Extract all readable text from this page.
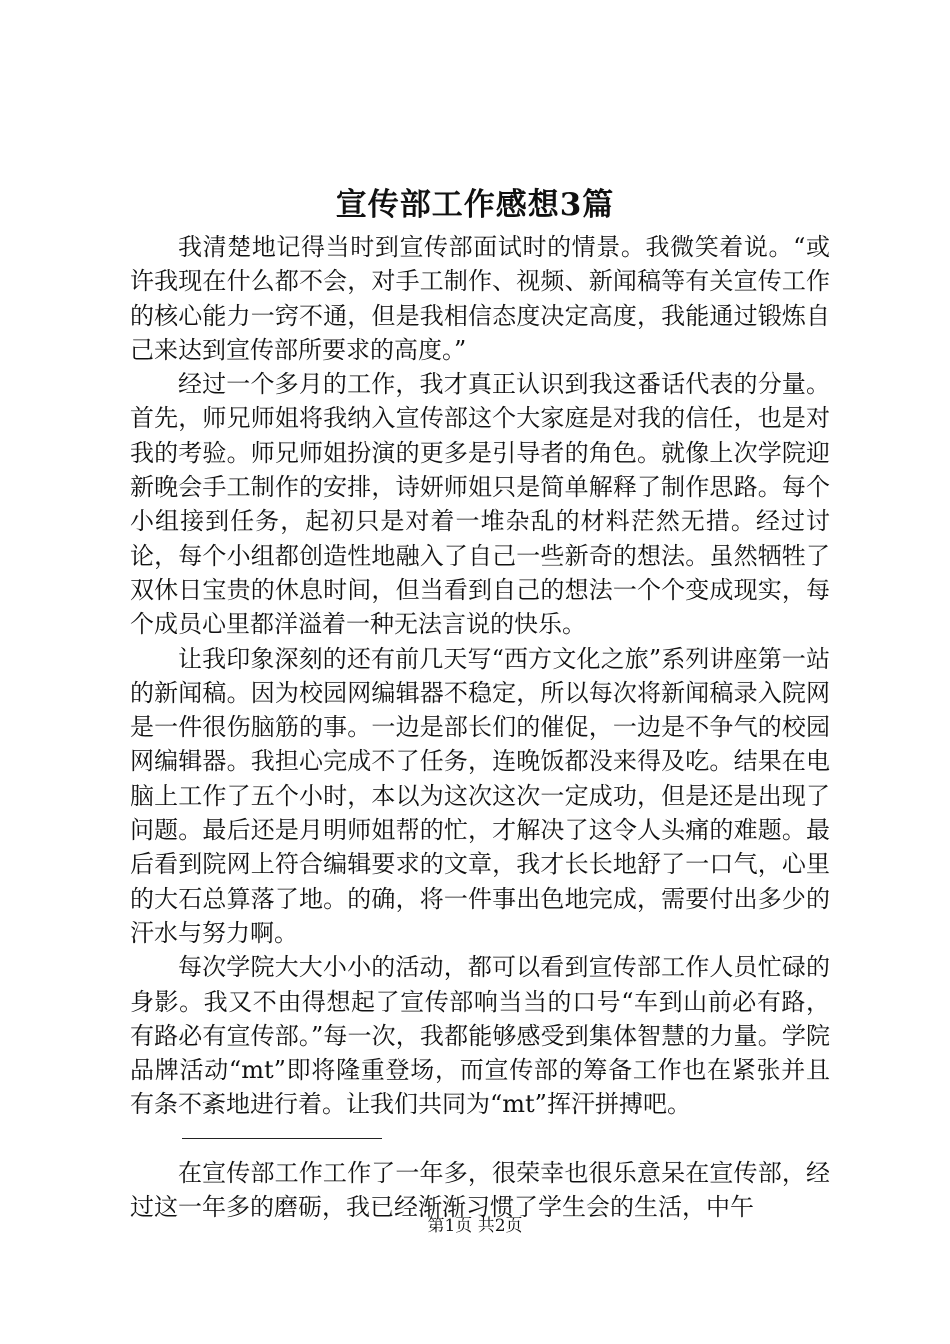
宣传部工作感想3篇

我清楚地记得当时到宣传部面试时的情景。我微笑着说。“或许我现在什么都不会，对手工制作、视频、新闻稿等有关宣传工作的核心能力一窍不通，但是我相信态度决定高度，我能通过锻炼自己来达到宣传部所要求的高度。”

经过一个多月的工作，我才真正认识到我这番话代表的分量。首先，师兄师姐将我纳入宣传部这个大家庭是对我的信任，也是对我的考验。师兄师姐扮演的更多是引导者的角色。就像上次学院迎新晚会手工制作的安排，诗妍师姐只是简单解释了制作思路。每个小组接到任务，起初只是对着一堆杂乱的材料茫然无措。经过讨论，每个小组都创造性地融入了自己一些新奇的想法。虽然牺牲了双休日宝贵的休息时间，但当看到自己的想法一个个变成现实，每个成员心里都洋溢着一种无法言说的快乐。

让我印象深刻的还有前几天写“西方文化之旅”系列讲座第一站的新闻稿。因为校园网编辑器不稳定，所以每次将新闻稿录入院网是一件很伤脑筋的事。一边是部长们的催促，一边是不争气的校园网编辑器。我担心完成不了任务，连晚饭都没来得及吃。结果在电脑上工作了五个小时，本以为这次这次一定成功，但是还是出现了问题。最后还是月明师姐帮的忙，才解决了这令人头痛的难题。最后看到院网上符合编辑要求的文章，我才长长地舒了一口气，心里的大石总算落了地。的确，将一件事出色地完成，需要付出多少的汗水与努力啊。

每次学院大大小小的活动，都可以看到宣传部工作人员忙碌的身影。我又不由得想起了宣传部响当当的口号“车到山前必有路，有路必有宣传部。”每一次，我都能够感受到集体智慧的力量。学院品牌活动“mt”即将隆重登场，而宣传部的筹备工作也在紧张并且有条不紊地进行着。让我们共同为“mt”挥汗拼搏吧。

在宣传部工作工作了一年多，很荣幸也很乐意呆在宣传部，经过这一年多的磨砺，我已经渐渐习惯了学生会的生活，中午

第1页 共2页
